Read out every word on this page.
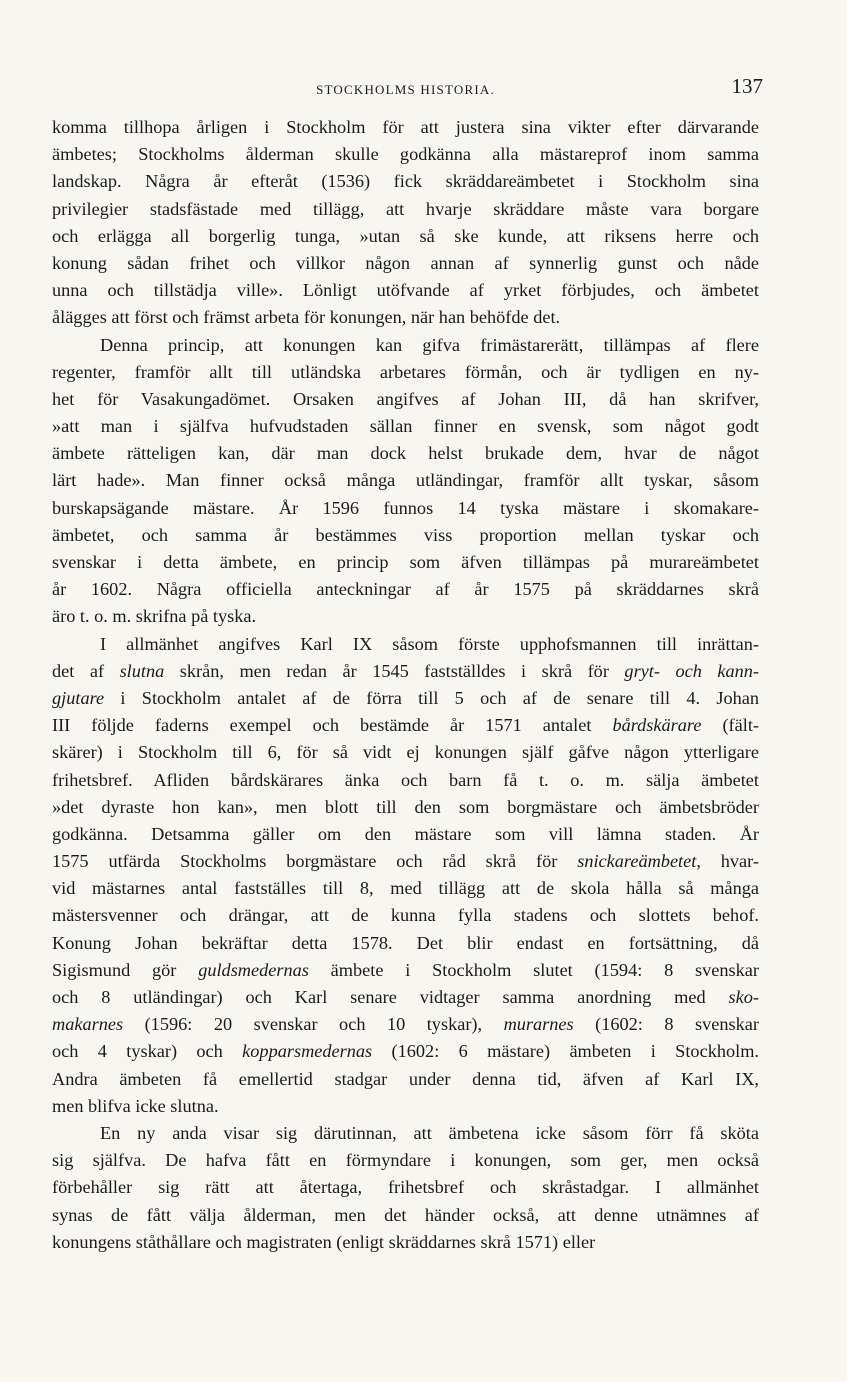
STOCKHOLMS HISTORIA.	137
komma tillhopa årligen i Stockholm för att justera sina vikter efter därvarande
ämbetes; Stockholms ålderman skulle godkänna alla mästareprof inom samma
landskap. Några år efteråt (1536) fick skräddareämbetet i Stockholm sina
privilegier stadsfästade med tillägg, att hvarje skräddare måste vara borgare
och erlägga all borgerlig tunga, »utan så ske kunde, att riksens herre och
konung sådan frihet och villkor någon annan af synnerlig gunst och nåde
unna och tillstädja ville». Lönligt utöfvande af yrket förbjudes, och ämbetet
ålägges att först och främst arbeta för konungen, när han behöfde det.
Denna princip, att konungen kan gifva frimästarerätt, tillämpas af flere
regenter, framför allt till utländska arbetares förmån, och är tydligen en ny-
het för Vasakungadömet. Orsaken angifves af Johan III, då han skrifver,
»att man i själfva hufvudstaden sällan finner en svensk, som något godt
ämbete rätteligen kan, där man dock helst brukade dem, hvar de något
lärt hade». Man finner också många utländingar, framför allt tyskar, såsom
burskapsägande mästare. År 1596 funnos 14 tyska mästare i skomakare-
ämbetet, och samma år bestämmes viss proportion mellan tyskar och
svenskar i detta ämbete, en princip som äfven tillämpas på murareämbetet
år 1602. Några officiella anteckningar af år 1575 på skräddarnes skrå
äro t. o. m. skrifna på tyska.
I allmänhet angifves Karl IX såsom förste upphofsmannen till inrättan-
det af slutna skrån, men redan år 1545 fastställdes i skrå för gryt- och kann-
gjutare i Stockholm antalet af de förra till 5 och af de senare till 4. Johan
III följde faderns exempel och bestämde år 1571 antalet bårdskärare (fält-
skärer) i Stockholm till 6, för så vidt ej konungen själf gåfve någon ytterligare
frihetsbref. Afliden bårdskärares änka och barn få t. o. m. sälja ämbetet
»det dyraste hon kan», men blott till den som borgmästare och ämbetsbröder
godkänna. Detsamma gäller om den mästare som vill lämna staden. År
1575 utfärda Stockholms borgmästare och råd skrå för snickareämbetet, hvar-
vid mästarnes antal fastställes till 8, med tillägg att de skola hålla så många
mästersvenner och drängar, att de kunna fylla stadens och slottets behof.
Konung Johan bekräftar detta 1578. Det blir endast en fortsättning, då
Sigismund gör guldsmedernas ämbete i Stockholm slutet (1594: 8 svenskar
och 8 utländingar) och Karl senare vidtager samma anordning med sko-
makarnes (1596: 20 svenskar och 10 tyskar), murarnes (1602: 8 svenskar
och 4 tyskar) och kopparsmedernas (1602: 6 mästare) ämbeten i Stockholm.
Andra ämbeten få emellertid stadgar under denna tid, äfven af Karl IX,
men blifva icke slutna.
En ny anda visar sig därutinnan, att ämbetena icke såsom förr få sköta
sig själfva. De hafva fått en förmyndare i konungen, som ger, men också
förbehåller sig rätt att återtaga, frihetsbref och skråstadgar. I allmänhet
synas de fått välja ålderman, men det händer också, att denne utnämnes af
konungens ståthållare och magistraten (enligt skräddarnes skrå 1571) eller
